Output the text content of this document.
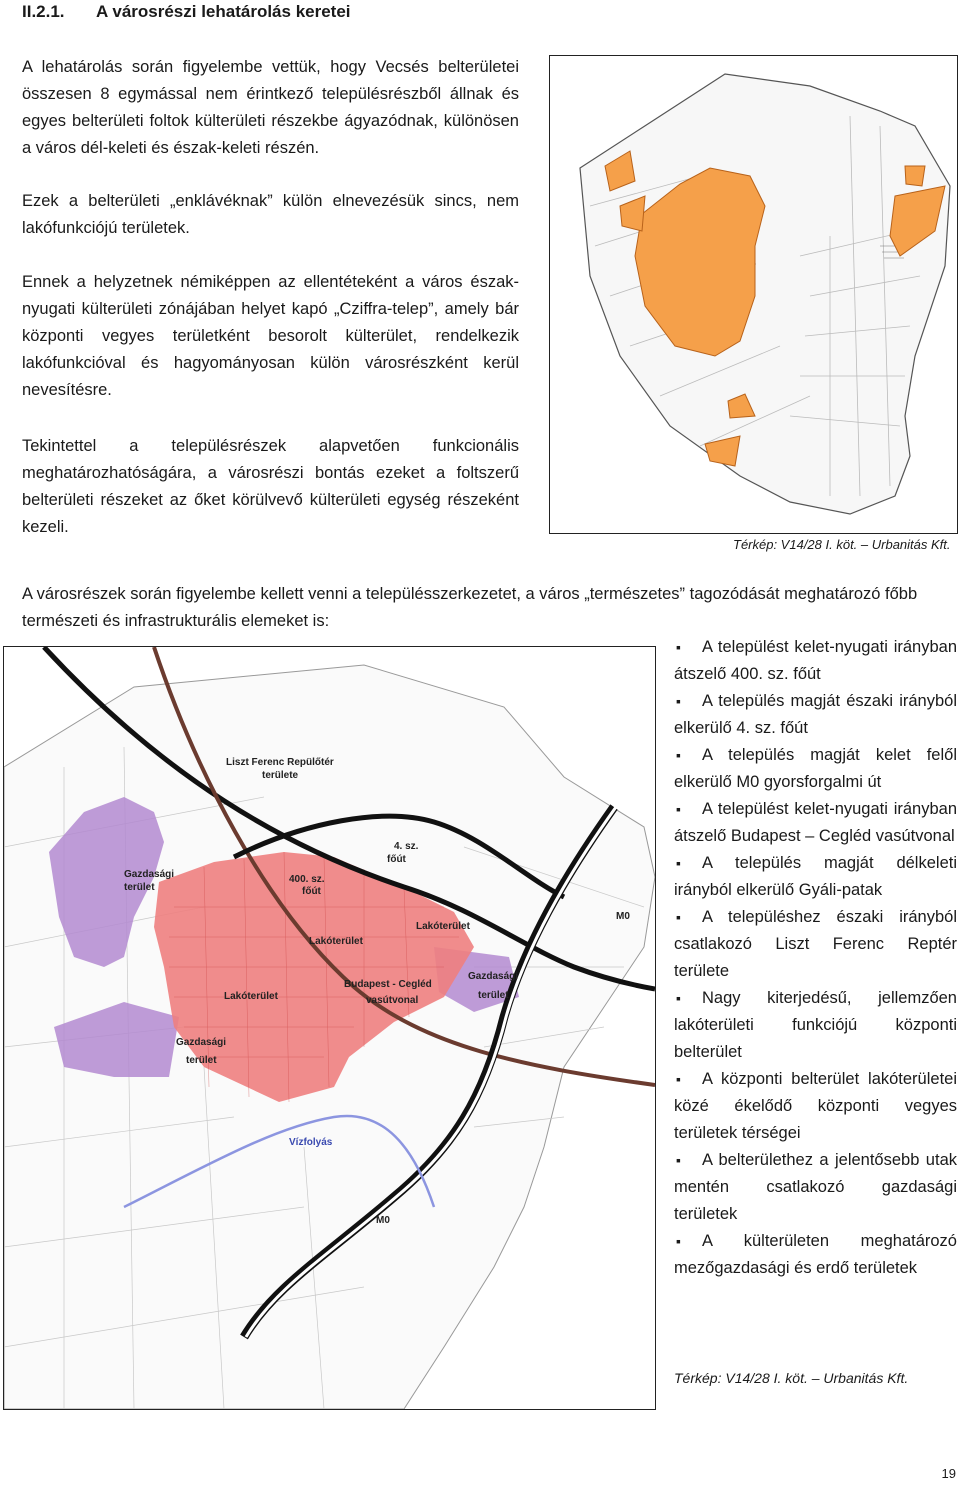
II.2.1. A városrészi lehatárolás keretei

A lehatárolás során figyelembe vettük, hogy Vecsés belterületei összesen 8 egymással nem érintkező településrészből állnak és egyes belterületi foltok külterületi részekbe ágyazódnak, különösen a város dél-keleti és észak-keleti részén.

Ezek a belterületi „enklávéknak” külön elnevezésük sincs, nem lakófunkciójú területek.

Ennek a helyzetnek némiképpen az ellentéteként a város észak-nyugati külterületi zónájában helyet kapó „Cziffra-telep”, amely bár központi vegyes területként besorolt külterület, rendelkezik lakófunkcióval és hagyományosan külön városrészként kerül nevesítésre.

Tekintettel a településrészek alapvetően funkcionális meghatározhatóságára, a városrészi bontás ezeket a foltszerű belterületi részeket az őket körülvevő külterületi egység részeként kezeli.

Térkép: V14/28 I. köt. – Urbanitás Kft.

A városrészek során figyelembe kellett venni a településszerkezetet, a város „természetes” tagozódását meghatározó főbb természeti és infrastrukturális elemeket is:

Liszt Ferenc Repülőtér
területe
4. sz.
főút
400. sz.
főút
M0
M0
Gazdasági
terület
Gazdasági
terület
Gazdasági
terület
Lakóterület
Lakóterület
Lakóterület
Budapest - Cegléd
vasútvonal
Vízfolyás
▪ A települést kelet-nyugati irányban átszelő 400. sz. főút
▪ A település magját északi irányból elkerülő 4. sz. főút
▪ A település magját kelet felől elkerülő M0 gyorsforgalmi út
▪ A települést kelet-nyugati irányban átszelő Budapest – Cegléd vasútvonal
▪ A település magját délkeleti irányból elkerülő Gyáli-patak
▪ A településhez északi irányból csatlakozó Liszt Ferenc Reptér területe
▪ Nagy kiterjedésű, jellemzően lakóterületi funkciójú központi belterület
▪ A központi belterület lakóterületei közé ékelődő központi vegyes területek térségei
▪ A belterülethez a jelentősebb utak mentén csatlakozó gazdasági területek
▪ A külterületen meghatározó mezőgazdasági és erdő területek
Térkép: V14/28 I. köt. – Urbanitás Kft.
19
